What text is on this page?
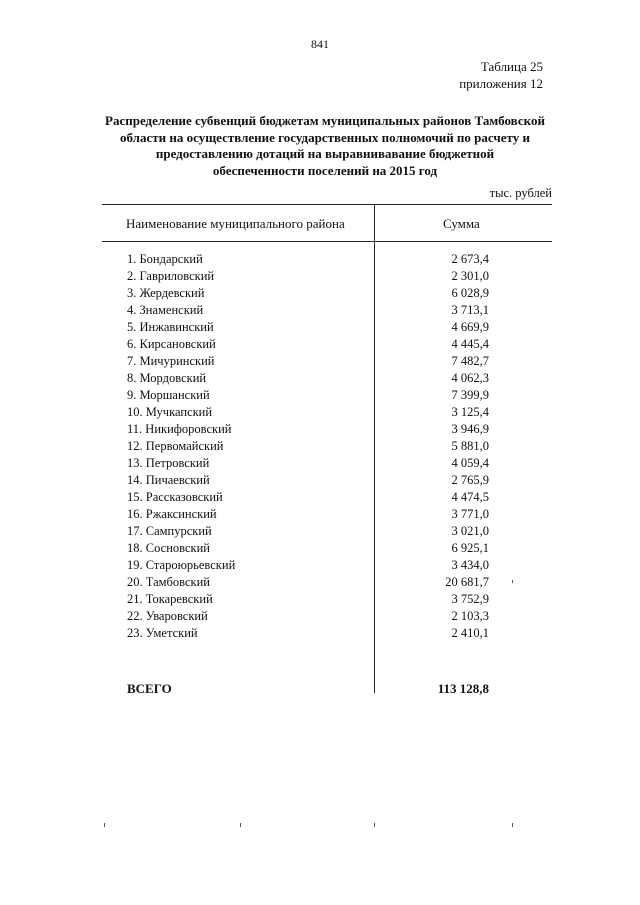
841
Таблица 25
приложения 12
Распределение субвенций бюджетам муниципальных районов Тамбовской
области на осуществление государственных полномочий по расчету и
предоставлению дотаций на выравнивавание бюджетной
обеспеченности поселений на 2015 год
тыс. рублей
Наименование муниципального района	Сумма
1. Бондарский	2 673,4
2. Гавриловский	2 301,0
3. Жердевский	6 028,9
4. Знаменский	3 713,1
5. Инжавинский	4 669,9
6. Кирсановский	4 445,4
7. Мичуринский	7 482,7
8. Мордовский	4 062,3
9. Моршанский	7 399,9
10. Мучкапский	3 125,4
11. Никифоровский	3 946,9
12. Первомайский	5 881,0
13. Петровский	4 059,4
14. Пичаевский	2 765,9
15. Рассказовский	4 474,5
16. Ржаксинский	3 771,0
17. Сампурский	3 021,0
18. Сосновский	6 925,1
19. Староюрьевский	3 434,0
20. Тамбовский	20 681,7
21. Токаревский	3 752,9
22. Уваровский	2 103,3
23. Уметский	2 410,1
ВСЕГО	113 128,8
